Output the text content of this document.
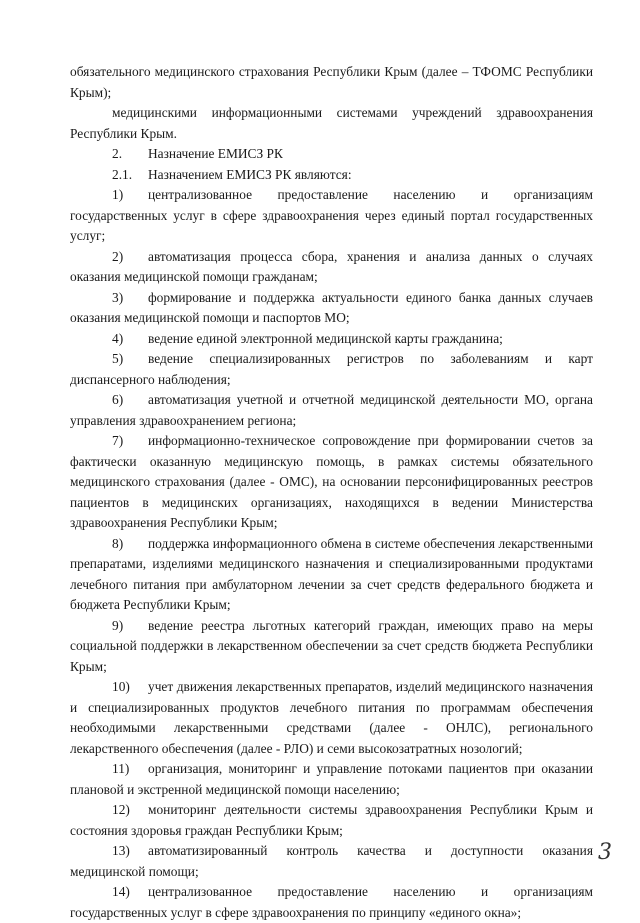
обязательного медицинского страхования Республики Крым (далее – ТФОМС Республики Крым);

медицинскими информационными системами учреждений здравоохранения Республики Крым.

2. Назначение ЕМИСЗ РК

2.1. Назначением ЕМИСЗ РК являются:

1) централизованное предоставление населению и организациям государственных услуг в сфере здравоохранения через единый портал государственных услуг;

2) автоматизация процесса сбора, хранения и анализа данных о случаях оказания медицинской помощи гражданам;

3) формирование и поддержка актуальности единого банка данных случаев оказания медицинской помощи и паспортов МО;

4) ведение единой электронной медицинской карты гражданина;

5) ведение специализированных регистров по заболеваниям и карт диспансерного наблюдения;

6) автоматизация учетной и отчетной медицинской деятельности МО, органа управления здравоохранением региона;

7) информационно-техническое сопровождение при формировании счетов за фактически оказанную медицинскую помощь, в рамках системы обязательного медицинского страхования (далее - ОМС), на основании персонифицированных реестров пациентов в медицинских организациях, находящихся в ведении Министерства здравоохранения Республики Крым;

8) поддержка информационного обмена в системе обеспечения лекарственными препаратами, изделиями медицинского назначения и специализированными продуктами лечебного питания при амбулаторном лечении за счет средств федерального бюджета и бюджета Республики Крым;

9) ведение реестра льготных категорий граждан, имеющих право на меры социальной поддержки в лекарственном обеспечении за счет средств бюджета Республики Крым;

10) учет движения лекарственных препаратов, изделий медицинского назначения и специализированных продуктов лечебного питания по программам обеспечения необходимыми лекарственными средствами (далее - ОНЛС), регионального лекарственного обеспечения (далее - РЛО) и семи высокозатратных нозологий;

11) организация, мониторинг и управление потоками пациентов при оказании плановой и экстренной медицинской помощи населению;

12) мониторинг деятельности системы здравоохранения Республики Крым и состояния здоровья граждан Республики Крым;

13) автоматизированный контроль качества и доступности оказания медицинской помощи;

14) централизованное предоставление населению и организациям государственных услуг в сфере здравоохранения по принципу «единого окна»;

3
